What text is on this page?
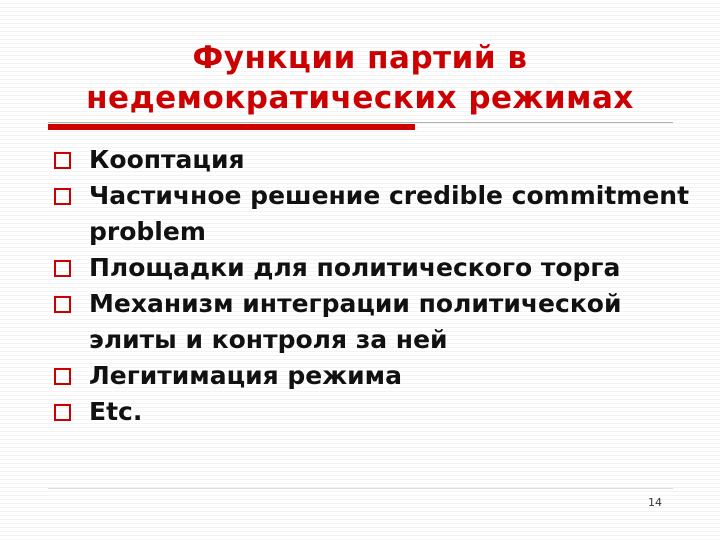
Функции партий в
недемократических режимах
Кооптация
Частичное решение credible commitment problem
Площадки для политического торга
Механизм интеграции политической элиты и контроля за ней
Легитимация режима
Etc.
14
